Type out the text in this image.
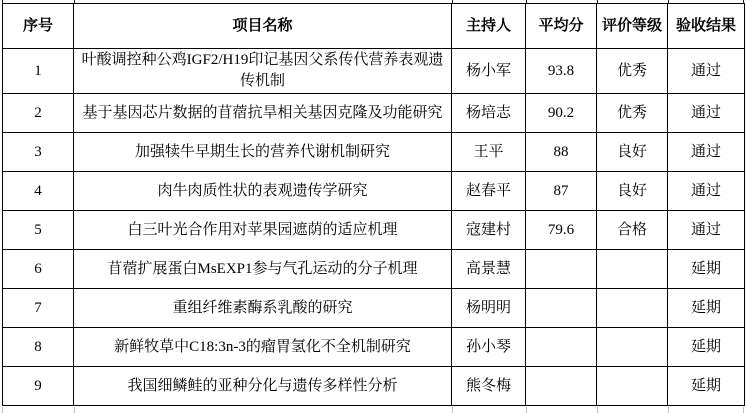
序号	项目名称	主持人	平均分	评价等级	验收结果
1	叶酸调控种公鸡IGF2/H19印记基因父系传代营养表观遗传机制	杨小军	93.8	优秀	通过
2	基于基因芯片数据的苜蓿抗旱相关基因克隆及功能研究	杨培志	90.2	优秀	通过
3	加强犊牛早期生长的营养代谢机制研究	王平	88	良好	通过
4	肉牛肉质性状的表观遗传学研究	赵春平	87	良好	通过
5	白三叶光合作用对苹果园遮荫的适应机理	寇建村	79.6	合格	通过
6	苜蓿扩展蛋白MsEXP1参与气孔运动的分子机理	高景慧			延期
7	重组纤维素酶系乳酸的研究	杨明明			延期
8	新鲜牧草中C18:3n-3的瘤胃氢化不全机制研究	孙小琴			延期
9	我国细鳞鲑的亚种分化与遗传多样性分析	熊冬梅			延期
